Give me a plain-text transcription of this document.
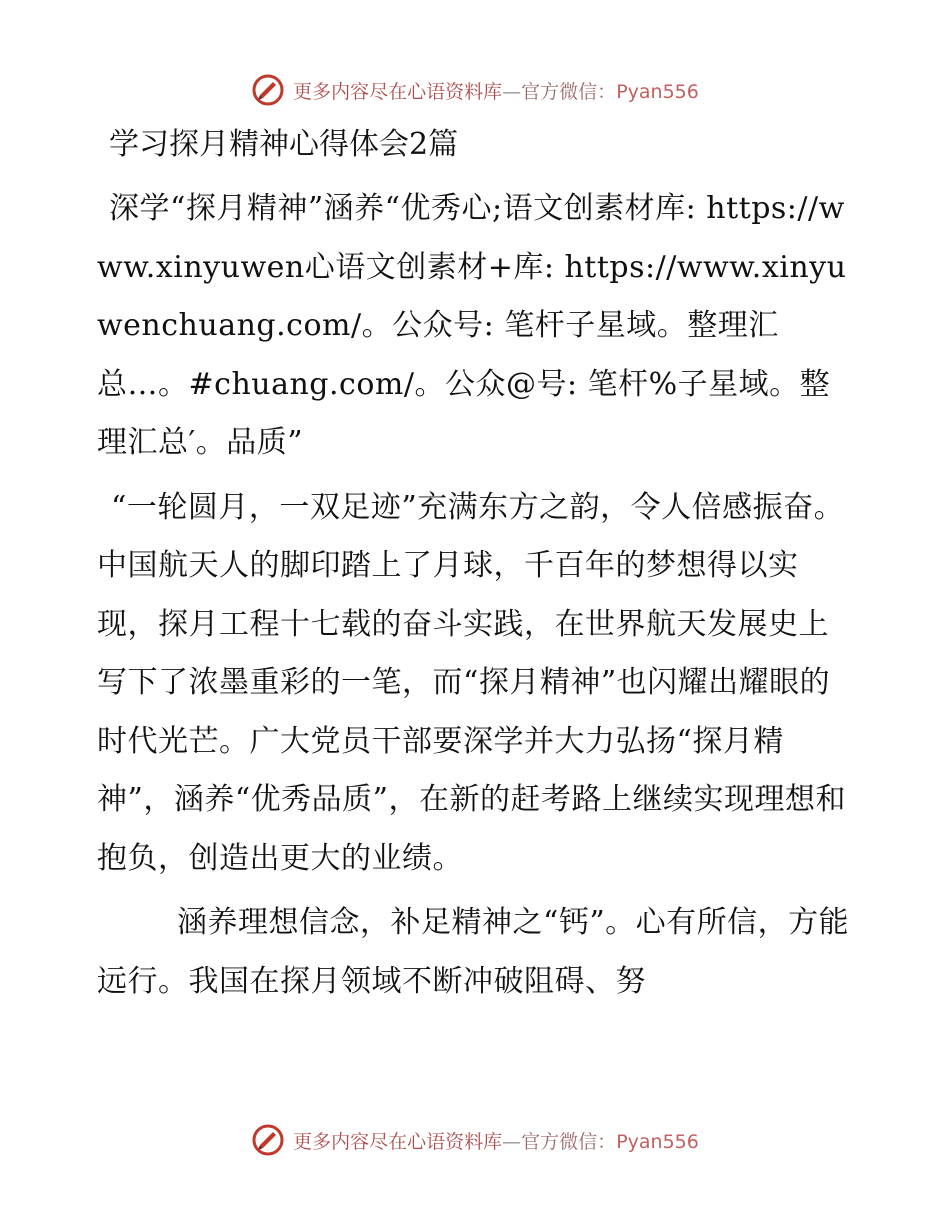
更多内容尽在心语资料库—官方微信：Pyan556
学习探月精神心得体会2篇

深学“探月精神”涵养“优秀心;语文创素材库: https://www.xinyuwen心语文创素材+库: https://www.xinyuwenchuang.com/。公众号: 笔杆子星域。整理汇总…。#chuang.com/。公众@号: 笔杆%子星域。整理汇总′。品质”

“一轮圆月，一双足迹”充满东方之韵，令人倍感振奋。中国航天人的脚印踏上了月球，千百年的梦想得以实现，探月工程十七载的奋斗实践，在世界航天发展史上写下了浓墨重彩的一笔，而“探月精神”也闪耀出耀眼的时代光芒。广大党员干部要深学并大力弘扬“探月精神”，涵养“优秀品质”，在新的赶考路上继续实现理想和抱负，创造出更大的业绩。

涵养理想信念，补足精神之“钙”。心有所信，方能远行。我国在探月领域不断冲破阻碍、努

更多内容尽在心语资料库—官方微信：Pyan556
